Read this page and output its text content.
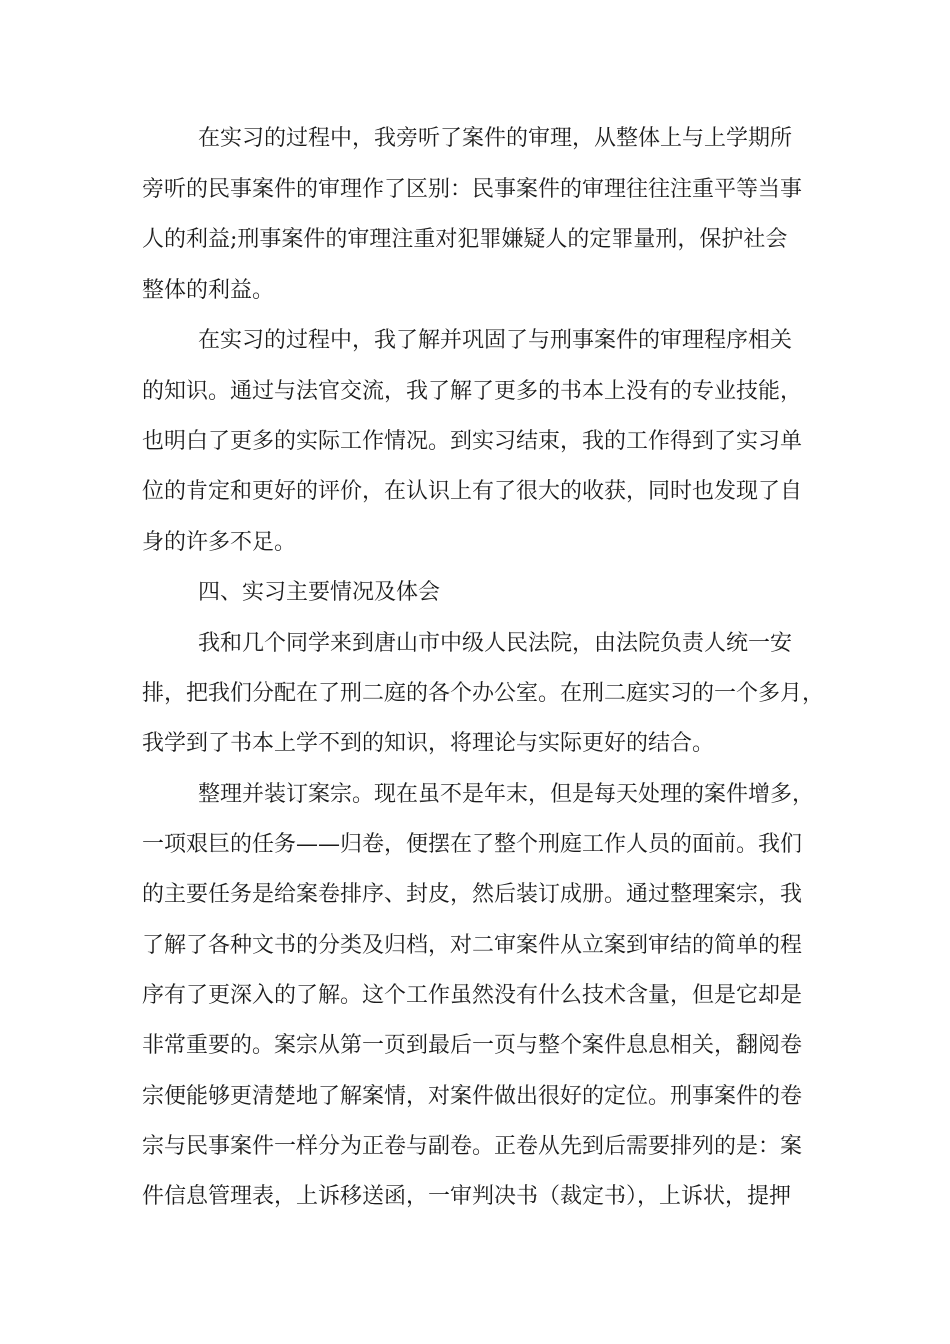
在实习的过程中，我旁听了案件的审理，从整体上与上学期所
旁听的民事案件的审理作了区别：民事案件的审理往往注重平等当事
人的利益;刑事案件的审理注重对犯罪嫌疑人的定罪量刑，保护社会
整体的利益。
在实习的过程中，我了解并巩固了与刑事案件的审理程序相关
的知识。通过与法官交流，我了解了更多的书本上没有的专业技能，
也明白了更多的实际工作情况。到实习结束，我的工作得到了实习单
位的肯定和更好的评价，在认识上有了很大的收获，同时也发现了自
身的许多不足。
四、实习主要情况及体会
我和几个同学来到唐山市中级人民法院，由法院负责人统一安
排，把我们分配在了刑二庭的各个办公室。在刑二庭实习的一个多月，
我学到了书本上学不到的知识，将理论与实际更好的结合。
整理并装订案宗。现在虽不是年末，但是每天处理的案件增多，
一项艰巨的任务——归卷，便摆在了整个刑庭工作人员的面前。我们
的主要任务是给案卷排序、封皮，然后装订成册。通过整理案宗，我
了解了各种文书的分类及归档，对二审案件从立案到审结的简单的程
序有了更深入的了解。这个工作虽然没有什么技术含量，但是它却是
非常重要的。案宗从第一页到最后一页与整个案件息息相关，翻阅卷
宗便能够更清楚地了解案情，对案件做出很好的定位。刑事案件的卷
宗与民事案件一样分为正卷与副卷。正卷从先到后需要排列的是：案
件信息管理表，上诉移送函，一审判决书（裁定书），上诉状，提押
